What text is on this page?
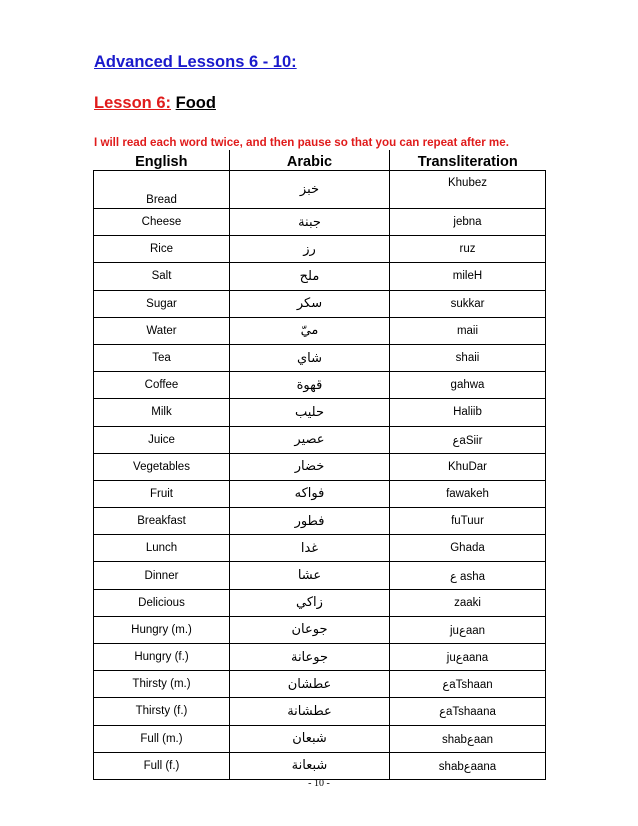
Advanced Lessons 6 - 10:
Lesson 6: Food
I will read each word twice, and then pause so that you can repeat after me.
English	Arabic	Transliteration
Bread	خبز	Khubez
Cheese	جبنة	jebna
Rice	رز	ruz
Salt	ملح	mileH
Sugar	سكر	sukkar
Water	ميّ	maii
Tea	شاي	shaii
Coffee	قهوة	gahwa
Milk	حليب	Haliib
Juice	عصير	ﻉaSiir
Vegetables	خضار	KhuDar
Fruit	فواكه	fawakeh
Breakfast	فطور	fuTuur
Lunch	غدا	Ghada
Dinner	عشا	ﻉ asha
Delicious	زاكي	zaaki
Hungry (m.)	جوعان	juﻉaan
Hungry (f.)	جوعانة	juﻉaana
Thirsty (m.)	عطشان	ﻉaTshaan
Thirsty (f.)	عطشانة	ﻉaTshaana
Full (m.)	شبعان	shabﻉaan
Full (f.)	شبعانة	shabﻉaana
- 10 -
